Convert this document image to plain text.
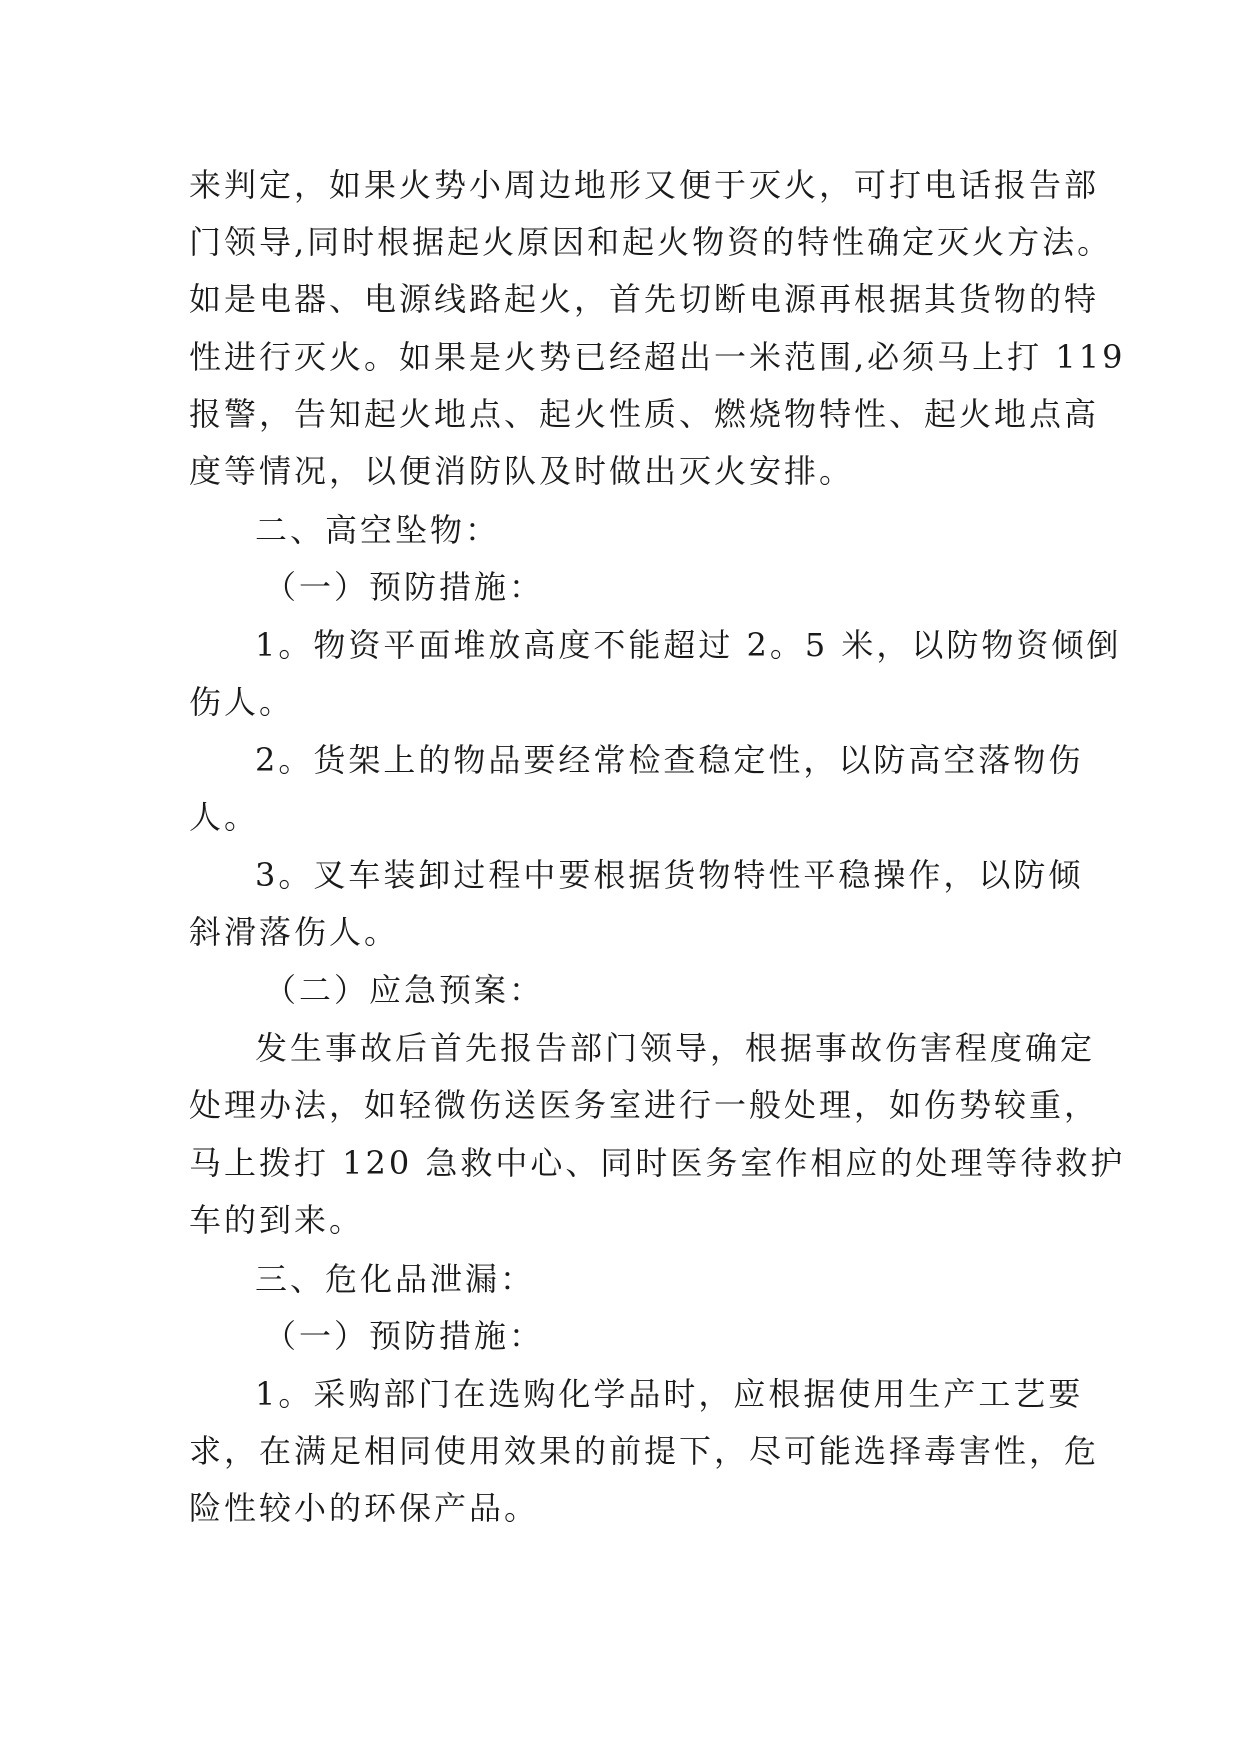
来判定，如果火势小周边地形又便于灭火，可打电话报告部
门领导,同时根据起火原因和起火物资的特性确定灭火方法。
如是电器、电源线路起火，首先切断电源再根据其货物的特
性进行灭火。如果是火势已经超出一米范围,必须马上打 119
报警，告知起火地点、起火性质、燃烧物特性、起火地点高
度等情况，以便消防队及时做出灭火安排。
二、高空坠物：
（一）预防措施：
1。物资平面堆放高度不能超过 2。5 米，以防物资倾倒
伤人。
2。货架上的物品要经常检查稳定性，以防高空落物伤
人。
3。叉车装卸过程中要根据货物特性平稳操作，以防倾
斜滑落伤人。
（二）应急预案：
发生事故后首先报告部门领导，根据事故伤害程度确定
处理办法，如轻微伤送医务室进行一般处理，如伤势较重，
马上拨打 120 急救中心、同时医务室作相应的处理等待救护
车的到来。
三、危化品泄漏：
（一）预防措施：
1。采购部门在选购化学品时，应根据使用生产工艺要
求，在满足相同使用效果的前提下，尽可能选择毒害性，危
险性较小的环保产品。
